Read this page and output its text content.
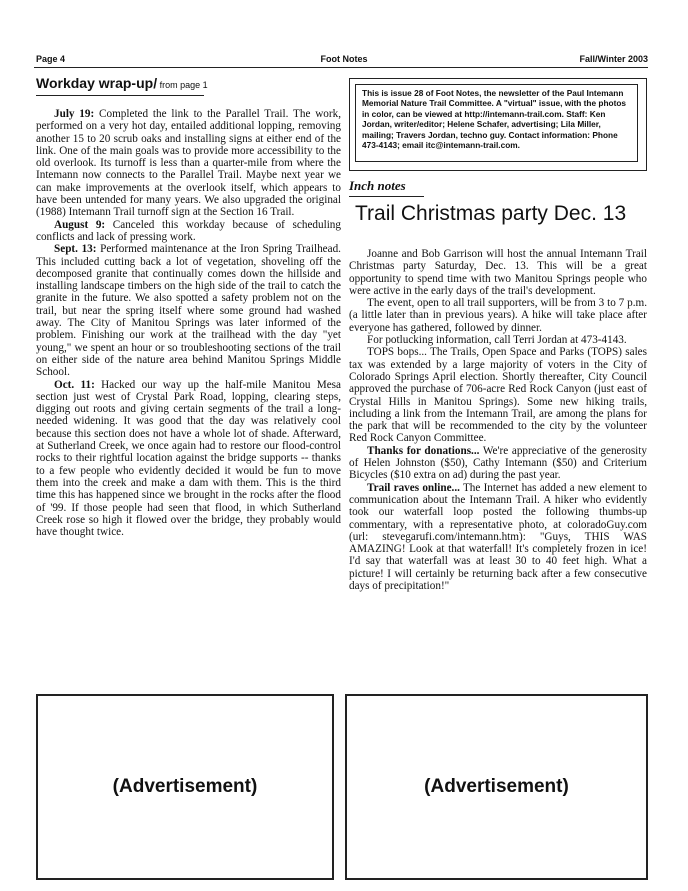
Page 4	Foot Notes	Fall/Winter 2003
Workday wrap-up/ from page 1

July 19: Completed the link to the Parallel Trail. The work, performed on a very hot day, entailed additional lopping, removing another 15 to 20 scrub oaks and installing signs at either end of the link. One of the main goals was to provide more accessibility to the old overlook. Its turnoff is less than a quarter-mile from where the Intemann now connects to the Parallel Trail. Maybe next year we can make improvements at the overlook itself, which appears to have been untended for many years. We also upgraded the original (1988) Intemann Trail turnoff sign at the Section 16 Trail.

August 9: Canceled this workday because of scheduling conflicts and lack of pressing work.

Sept. 13: Performed maintenance at the Iron Spring Trailhead. This included cutting back a lot of vegetation, shoveling off the decomposed granite that continually comes down the hillside and installing landscape timbers on the high side of the trail to catch the granite in the future. We also spotted a safety problem not on the trail, but near the spring itself where some ground had washed away. The City of Manitou Springs was later informed of the problem. Finishing our work at the trailhead with the day "yet young," we spent an hour or so troubleshooting sections of the trail on either side of the nature area behind Manitou Springs Middle School.

Oct. 11: Hacked our way up the half-mile Manitou Mesa section just west of Crystal Park Road, lopping, clearing steps, digging out roots and giving certain segments of the trail a long-needed widening. It was good that the day was relatively cool because this section does not have a whole lot of shade. Afterward, at Sutherland Creek, we once again had to restore our flood-control rocks to their rightful location against the bridge supports -- thanks to a few people who evidently decided it would be fun to move them into the creek and make a dam with them. This is the third time this has happened since we brought in the rocks after the flood of '99. If those people had seen that flood, in which Sutherland Creek rose so high it flowed over the bridge, they probably would have thought twice.

This is issue 28 of Foot Notes, the newsletter of the Paul Intemann Memorial Nature Trail Committee. A "virtual" issue, with the photos in color, can be viewed at http://intemann-trail.com. Staff: Ken Jordan, writer/editor; Helene Schafer, advertising; Lila Miller, mailing; Travers Jordan, techno guy. Contact information: Phone 473-4143; email itc@intemann-trail.com.
Inch notes
Trail Christmas party Dec. 13

Joanne and Bob Garrison will host the annual Intemann Trail Christmas party Saturday, Dec. 13. This will be a great opportunity to spend time with two Manitou Springs people who were active in the early days of the trail's development.

The event, open to all trail supporters, will be from 3 to 7 p.m. (a little later than in previous years). A hike will take place after everyone has gathered, followed by dinner.

For potlucking information, call Terri Jordan at 473-4143.

TOPS bops... The Trails, Open Space and Parks (TOPS) sales tax was extended by a large majority of voters in the City of Colorado Springs April election. Shortly thereafter, City Council approved the purchase of 706-acre Red Rock Canyon (just east of Crystal Hills in Manitou Springs). Some new hiking trails, including a link from the Intemann Trail, are among the plans for the park that will be recommended to the city by the volunteer Red Rock Canyon Committee.

Thanks for donations... We're appreciative of the generosity of Helen Johnston ($50), Cathy Intemann ($50) and Criterium Bicycles ($10 extra on ad) during the past year.

Trail raves online... The Internet has added a new element to communication about the Intemann Trail. A hiker who evidently took our waterfall loop posted the following thumbs-up commentary, with a representative photo, at coloradoGuy.com (url: stevegarufi.com/intemann.htm): "Guys, THIS WAS AMAZING! Look at that waterfall! It's completely frozen in ice! I'd say that waterfall was at least 30 to 40 feet high. What a picture! I will certainly be returning back after a few consecutive days of precipitation!"

(Advertisement)	(Advertisement)
